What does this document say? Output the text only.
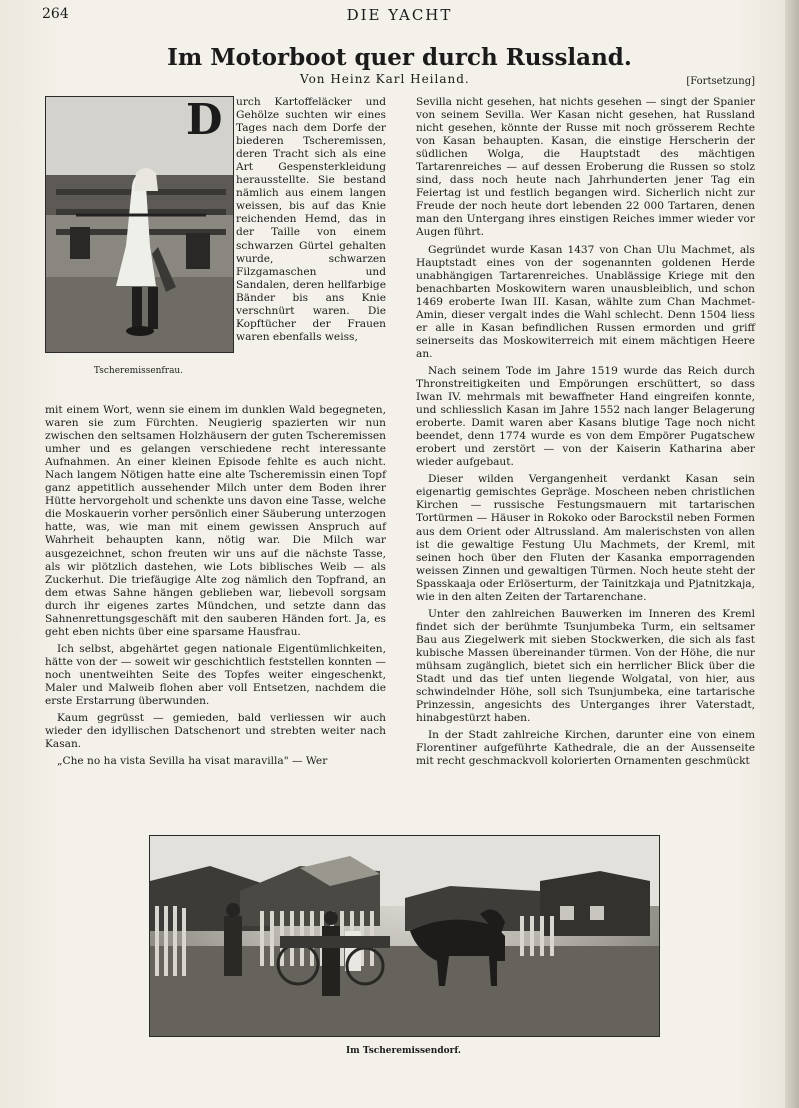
264	DIE YACHT
Im Motorboot quer durch Russland.
Von Heinz Karl Heiland.	[Fortsetzung]
Tscheremissenfrau.
D urch Kartoffeläcker und Gehölze suchten wir eines Tages nach dem Dorfe der biederen Tscheremissen, deren Tracht sich als eine Art Gespensterkleidung herausstellte. Sie bestand nämlich aus einem langen weissen, bis auf das Knie reichenden Hemd, das in der Taille von einem schwarzen Gürtel gehalten wurde, schwarzen Filzgamaschen und Sandalen, deren hellfarbige Bänder bis ans Knie verschnürt waren. Die Kopftücher der Frauen waren ebenfalls weiss,

mit einem Wort, wenn sie einem im dunklen Wald begegneten, waren sie zum Fürchten. Neugierig spazierten wir nun zwischen den seltsamen Holzhäusern der guten Tscheremissen umher und es gelangen verschiedene recht interessante Aufnahmen. An einer kleinen Episode fehlte es auch nicht. Nach langem Nötigen hatte eine alte Tscheremissin einen Topf ganz appetitlich aussehender Milch unter dem Boden ihrer Hütte hervorgeholt und schenkte uns davon eine Tasse, welche die Moskauerin vorher persönlich einer Säuberung unterzogen hatte, was, wie man mit einem gewissen Anspruch auf Wahrheit behaupten kann, nötig war. Die Milch war ausgezeichnet, schon freuten wir uns auf die nächste Tasse, als wir plötzlich dastehen, wie Lots biblisches Weib — als Zuckerhut. Die triefäugige Alte zog nämlich den Topfrand, an dem etwas Sahne hängen geblieben war, liebevoll sorgsam durch ihr eigenes zartes Mündchen, und setzte dann das Sahnenrettungsgeschäft mit den sauberen Händen fort. Ja, es geht eben nichts über eine sparsame Hausfrau.

Ich selbst, abgehärtet gegen nationale Eigentümlichkeiten, hätte von der — soweit wir geschichtlich feststellen konnten — noch unentweihten Seite des Topfes weiter eingeschenkt, Maler und Malweib flohen aber voll Entsetzen, nachdem die erste Erstarrung überwunden.

Kaum gegrüsst — gemieden, bald verliessen wir auch wieder den idyllischen Datschenort und strebten weiter nach Kasan.

„Che no ha vista Sevilla ha visat maravilla" — Wer

Sevilla nicht gesehen, hat nichts gesehen — singt der Spanier von seinem Sevilla. Wer Kasan nicht gesehen, hat Russland nicht gesehen, könnte der Russe mit noch grösserem Rechte von Kasan behaupten. Kasan, die einstige Herscherin der südlichen Wolga, die Hauptstadt des mächtigen Tartarenreiches — auf dessen Eroberung die Russen so stolz sind, dass noch heute nach Jahrhunderten jener Tag ein Feiertag ist und festlich begangen wird. Sicherlich nicht zur Freude der noch heute dort lebenden 22 000 Tartaren, denen man den Untergang ihres einstigen Reiches immer wieder vor Augen führt.

Gegründet wurde Kasan 1437 von Chan Ulu Machmet, als Hauptstadt eines von der sogenannten goldenen Herde unabhängigen Tartarenreiches. Unablässige Kriege mit den benachbarten Moskowitern waren unausbleiblich, und schon 1469 eroberte Iwan III. Kasan, wählte zum Chan Machmet-Amin, dieser vergalt indes die Wahl schlecht. Denn 1504 liess er alle in Kasan befindlichen Russen ermorden und griff seinerseits das Moskowiterreich mit einem mächtigen Heere an.

Nach seinem Tode im Jahre 1519 wurde das Reich durch Thronstreitigkeiten und Empörungen erschüttert, so dass Iwan IV. mehrmals mit bewaffneter Hand eingreifen konnte, und schliesslich Kasan im Jahre 1552 nach langer Belagerung eroberte. Damit waren aber Kasans blutige Tage noch nicht beendet, denn 1774 wurde es von dem Empörer Pugatschew erobert und zerstört — von der Kaiserin Katharina aber wieder aufgebaut.

Dieser wilden Vergangenheit verdankt Kasan sein eigenartig gemischtes Gepräge. Moscheen neben christlichen Kirchen — russische Festungsmauern mit tartarischen Tortürmen — Häuser in Rokoko oder Barockstil neben Formen aus dem Orient oder Altrussland. Am malerischsten von allen ist die gewaltige Festung Ulu Machmets, der Kreml, mit seinen hoch über den Fluten der Kasanka emporragenden weissen Zinnen und gewaltigen Türmen. Noch heute steht der Spasskaaja oder Erlöserturm, der Tainitzkaja und Pjatnitzkaja, wie in den alten Zeiten der Tartarenchane.

Unter den zahlreichen Bauwerken im Inneren des Kreml findet sich der berühmte Tsunjumbeka Turm, ein seltsamer Bau aus Ziegelwerk mit sieben Stockwerken, die sich als fast kubische Massen übereinander türmen. Von der Höhe, die nur mühsam zugänglich, bietet sich ein herrlicher Blick über die Stadt und das tief unten liegende Wolgatal, von hier, aus schwindelnder Höhe, soll sich Tsunjumbeka, eine tartarische Prinzessin, angesichts des Unterganges ihrer Vaterstadt, hinabgestürzt haben.

In der Stadt zahlreiche Kirchen, darunter eine von einem Florentiner aufgeführte Kathedrale, die an der Aussenseite mit recht geschmackvoll kolorierten Ornamenten geschmückt

Im Tscheremissendorf.
